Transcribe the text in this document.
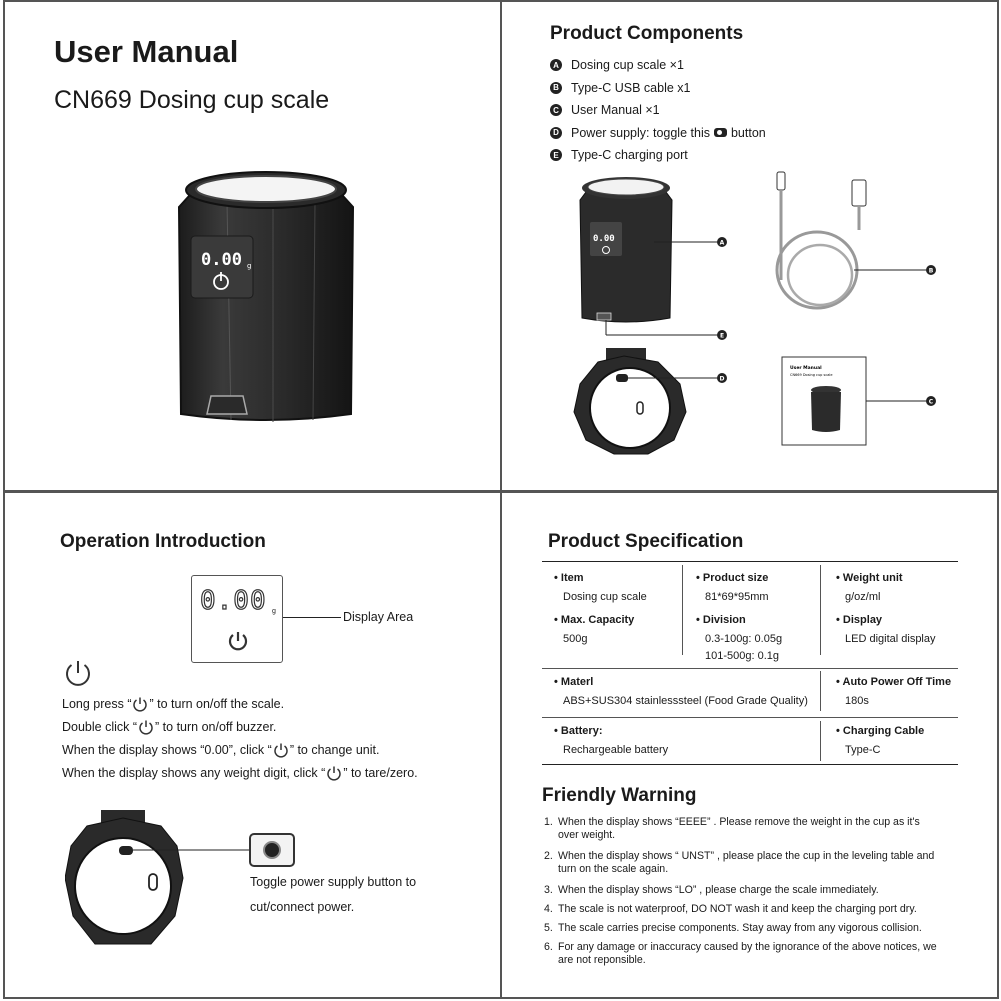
User Manual
CN669 Dosing cup scale
0.00 g
Product Components
A Dosing cup scale ×1
B Type-C USB cable x1
C User Manual ×1
D Power supply: toggle this button
E Type-C charging port
0.00	A
E
B
D
User Manual
CN669 Dosing cup scale
C
Operation Introduction
0.00 g	Display Area
Long press “ ” to turn on/off the scale.
Double click “ ” to turn on/off buzzer.
When the display shows “0.00”, click “ ” to change unit.
When the display shows any weight digit, click “ ” to tare/zero.
Toggle power supply button to
cut/connect power.
Product Specification
• Item
Dosing cup scale
• Max. Capacity
500g
• Product size
81*69*95mm
• Division
0.3-100g: 0.05g
101-500g: 0.1g
• Weight unit
g/oz/ml
• Display
LED digital display
• Materl
ABS+SUS304 stainlesssteel (Food Grade Quality)
• Auto Power Off Time
180s
• Battery:
Rechargeable battery
• Charging Cable
Type-C
Friendly Warning
1. When the display shows “EEEE” . Please remove the weight in the cup as it's
over weight.
2. When the display shows “ UNST” , please place the cup in the leveling table and
turn on the scale again.
3. When the display shows “LO” , please charge the scale immediately.
4. The scale is not waterproof, DO NOT wash it and keep the charging port dry.
5. The scale carries precise components. Stay away from any vigorous collision.
6. For any damage or inaccuracy caused by the ignorance of the above notices, we
are not reponsible.
